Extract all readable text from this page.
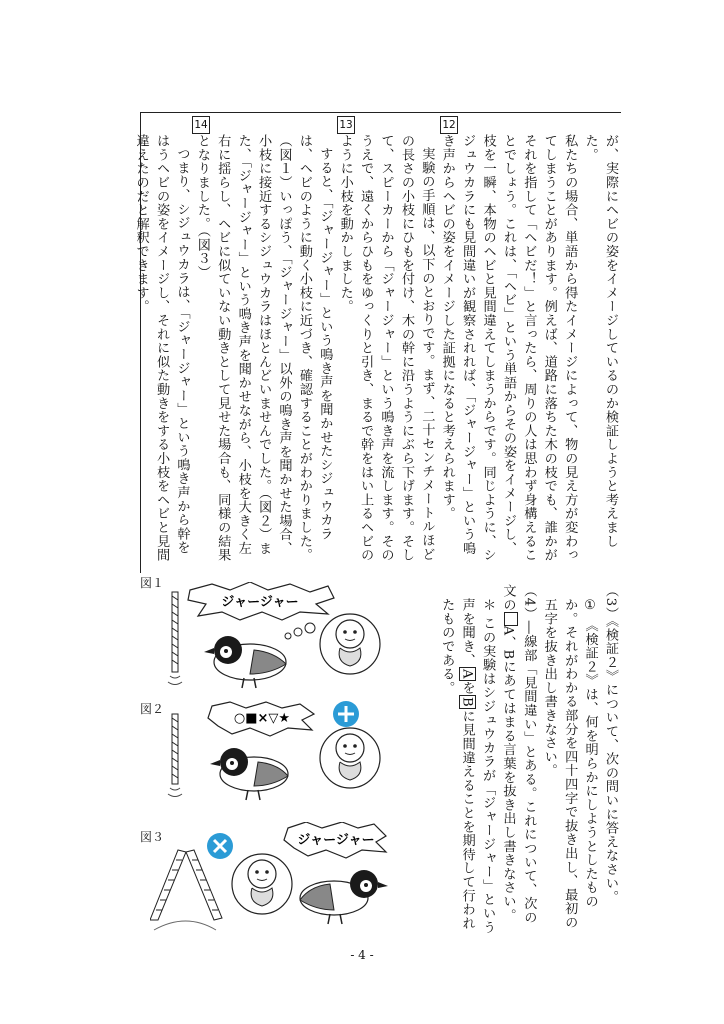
12
13
14

が、実際にヘビの姿をイメージしているのか検証しようと考えました。

私たちの場合、単語から得たイメージによって、物の見え方が変わってしまうことがあります。例えば、道路に落ちた木の枝でも、誰かがそれを指して「ヘビだ！」と言ったら、周りの人は思わず身構えることでしょう。これは、「ヘビ」という単語からその姿をイメージし、枝を一瞬、本物のヘビと見間違えてしまうからです。同じように、シジュウカラにも見間違いが観察されれば、「ジャージャー」という鳴き声からヘビの姿をイメージした証拠になると考えられます。

実験の手順は、以下のとおりです。まず、二十センチメートルほどの長さの小枝にひもを付け、木の幹に沿うようにぶら下げます。そして、スピーカーから「ジャージャー」という鳴き声を流します。そのうえで、遠くからひもをゆっくりと引き、まるで幹をはい上るヘビのように小枝を動かしました。

すると、「ジャージャー」という鳴き声を聞かせたシジュウカラは、ヘビのように動く小枝に近づき、確認することがわかりました。（図１）いっぽう、「ジャージャー」以外の鳴き声を聞かせた場合、小枝に接近するシジュウカラはほとんどいませんでした。（図２）また、「ジャージャー」という鳴き声を聞かせながら、小枝を大きく左右に揺らし、ヘビに似ていない動きとして見せた場合も、同様の結果となりました。（図３）

つまり、シジュウカラは、「ジャージャー」という鳴き声から幹をはうヘビの姿をイメージし、それに似た動きをする小枝をヘビと見間違えたのだと解釈できます。

（3）《検証２》について、次の問いに答えなさい。

① 《検証２》は、何を明らかにしようとしたものか。それがわかる部分を四十四字で抜き出し、最初の五字を抜き出し書きなさい。

（4）―線部「見間違い」とある。これについて、次の文のA、Bにあてはまる言葉を抜き出し書きなさい。

＊ この実験はシジュウカラが「ジャージャー」という声を聞き、AをBに見間違えることを期待して行われたものである。

図１
図２
図３
ジャージャー
○■×▽★
ジャージャー
- 4 -
